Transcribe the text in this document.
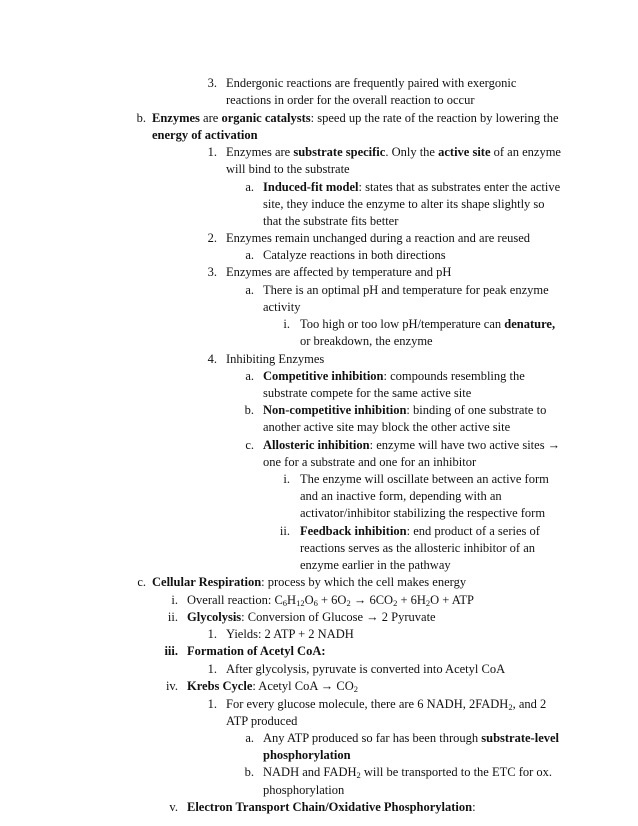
3. Endergonic reactions are frequently paired with exergonic
reactions in order for the overall reaction to occur
b. Enzymes are organic catalysts: speed up the rate of the reaction by lowering the
energy of activation
1. Enzymes are substrate specific. Only the active site of an enzyme
will bind to the substrate
a. Induced-fit model: states that as substrates enter the active
site, they induce the enzyme to alter its shape slightly so
that the substrate fits better
2. Enzymes remain unchanged during a reaction and are reused
a. Catalyze reactions in both directions
3. Enzymes are affected by temperature and pH
a. There is an optimal pH and temperature for peak enzyme
activity
i. Too high or too low pH/temperature can denature,
or breakdown, the enzyme
4. Inhibiting Enzymes
a. Competitive inhibition: compounds resembling the
substrate compete for the same active site
b. Non-competitive inhibition: binding of one substrate to
another active site may block the other active site
c. Allosteric inhibition: enzyme will have two active sites →
one for a substrate and one for an inhibitor
i. The enzyme will oscillate between an active form
and an inactive form, depending with an
activator/inhibitor stabilizing the respective form
ii. Feedback inhibition: end product of a series of
reactions serves as the allosteric inhibitor of an
enzyme earlier in the pathway
c. Cellular Respiration: process by which the cell makes energy
i. Overall reaction: $C_6H_{12}O_6 + 6O_2 \to 6CO_2 + 6H_2O$ + ATP
ii. Glycolysis: Conversion of Glucose → 2 Pyruvate
1. Yields: 2 ATP + 2 NADH
iii. Formation of Acetyl CoA:
1. After glycolysis, pyruvate is converted into Acetyl CoA
iv. Krebs Cycle: Acetyl CoA → $CO_2$
1. For every glucose molecule, there are 6 NADH, $2FADH_2$, and 2
ATP produced
a. Any ATP produced so far has been through substrate-level
phosphorylation
b. NADH and $FADH_2$ will be transported to the ETC for ox.
phosphorylation
v. Electron Transport Chain/Oxidative Phosphorylation:
